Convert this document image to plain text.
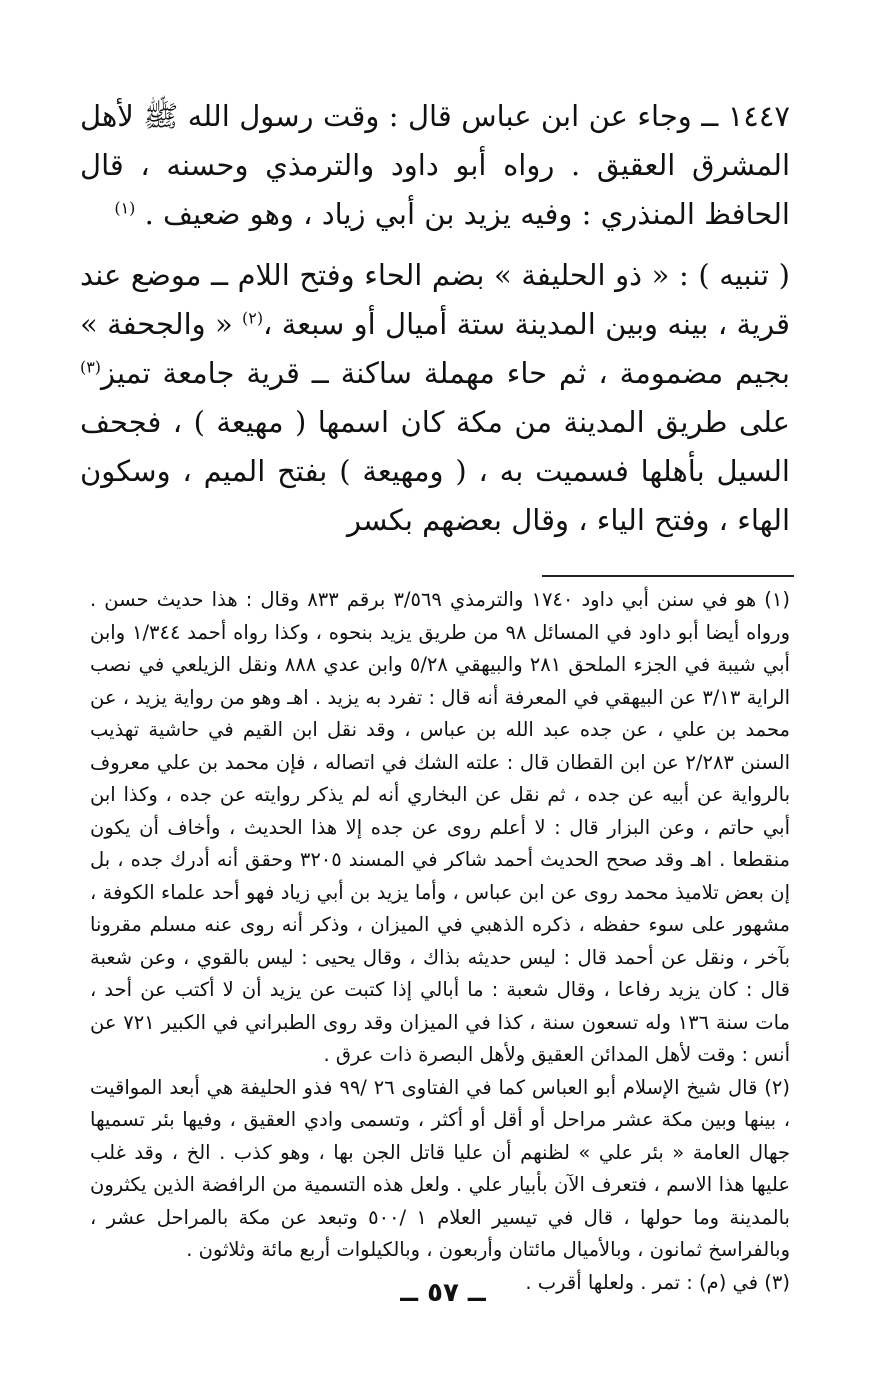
١٤٤٧ ــ وجاء عن ابن عباس قال : وقت رسول الله ﷺ لأهل المشرق العقيق . رواه أبو داود والترمذي وحسنه ، قال الحافظ المنذري : وفيه يزيد بن أبي زياد ، وهو ضعيف . $^{(١)}$

( تنبيه ) : « ذو الحليفة » بضم الحاء وفتح اللام ــ موضع عند قرية ، بينه وبين المدينة ستة أميال أو سبعة ،$^{(٢)}$ « والجحفة » بجيم مضمومة ، ثم حاء مهملة ساكنة ــ قرية جامعة تميز$^{(٣)}$ على طريق المدينة من مكة كان اسمها ( مهيعة ) ، فجحف السيل بأهلها فسميت به ، ( ومهيعة ) بفتح الميم ، وسكون الهاء ، وفتح الياء ، وقال بعضهم بكسر

(١) هو في سنن أبي داود ١٧٤٠ والترمذي ٣/٥٦٩ برقم ٨٣٣ وقال : هذا حديث حسن . ورواه أيضا أبو داود في المسائل ٩٨ من طريق يزيد بنحوه ، وكذا رواه أحمد ١/٣٤٤ وابن أبي شيبة في الجزء الملحق ٢٨١ والبيهقي ٥/٢٨ وابن عدي ٨٨٨ ونقل الزيلعي في نصب الراية ٣/١٣ عن البيهقي في المعرفة أنه قال : تفرد به يزيد . اهـ وهو من رواية يزيد ، عن محمد بن علي ، عن جده عبد الله بن عباس ، وقد نقل ابن القيم في حاشية تهذيب السنن ٢/٢٨٣ عن ابن القطان قال : علته الشك في اتصاله ، فإن محمد بن علي معروف بالرواية عن أبيه عن جده ، ثم نقل عن البخاري أنه لم يذكر روايته عن جده ، وكذا ابن أبي حاتم ، وعن البزار قال : لا أعلم روى عن جده إلا هذا الحديث ، وأخاف أن يكون منقطعا . اهـ وقد صحح الحديث أحمد شاكر في المسند ٣٢٠٥ وحقق أنه أدرك جده ، بل إن بعض تلاميذ محمد روى عن ابن عباس ، وأما يزيد بن أبي زياد فهو أحد علماء الكوفة ، مشهور على سوء حفظه ، ذكره الذهبي في الميزان ، وذكر أنه روى عنه مسلم مقرونا بآخر ، ونقل عن أحمد قال : ليس حديثه بذاك ، وقال يحيى : ليس بالقوي ، وعن شعبة قال : كان يزيد رفاعا ، وقال شعبة : ما أبالي إذا كتبت عن يزيد أن لا أكتب عن أحد ، مات سنة ١٣٦ وله تسعون سنة ، كذا في الميزان وقد روى الطبراني في الكبير ٧٢١ عن أنس : وقت لأهل المدائن العقيق ولأهل البصرة ذات عرق .

(٢) قال شيخ الإسلام أبو العباس كما في الفتاوى ٢٦ /٩٩ فذو الحليفة هي أبعد المواقيت ، بينها وبين مكة عشر مراحل أو أقل أو أكثر ، وتسمى وادي العقيق ، وفيها بئر تسميها جهال العامة « بئر علي » لظنهم أن عليا قاتل الجن بها ، وهو كذب . الخ ، وقد غلب عليها هذا الاسم ، فتعرف الآن بأبيار علي . ولعل هذه التسمية من الرافضة الذين يكثرون بالمدينة وما حولها ، قال في تيسير العلام ١ /٥٠٠ وتبعد عن مكة بالمراحل عشر ، وبالفراسخ ثمانون ، وبالأميال مائتان وأربعون ، وبالكيلوات أربع مائة وثلاثون .

(٣) في (م) : تمر . ولعلها أقرب .

ــ ٥٧ ــ
